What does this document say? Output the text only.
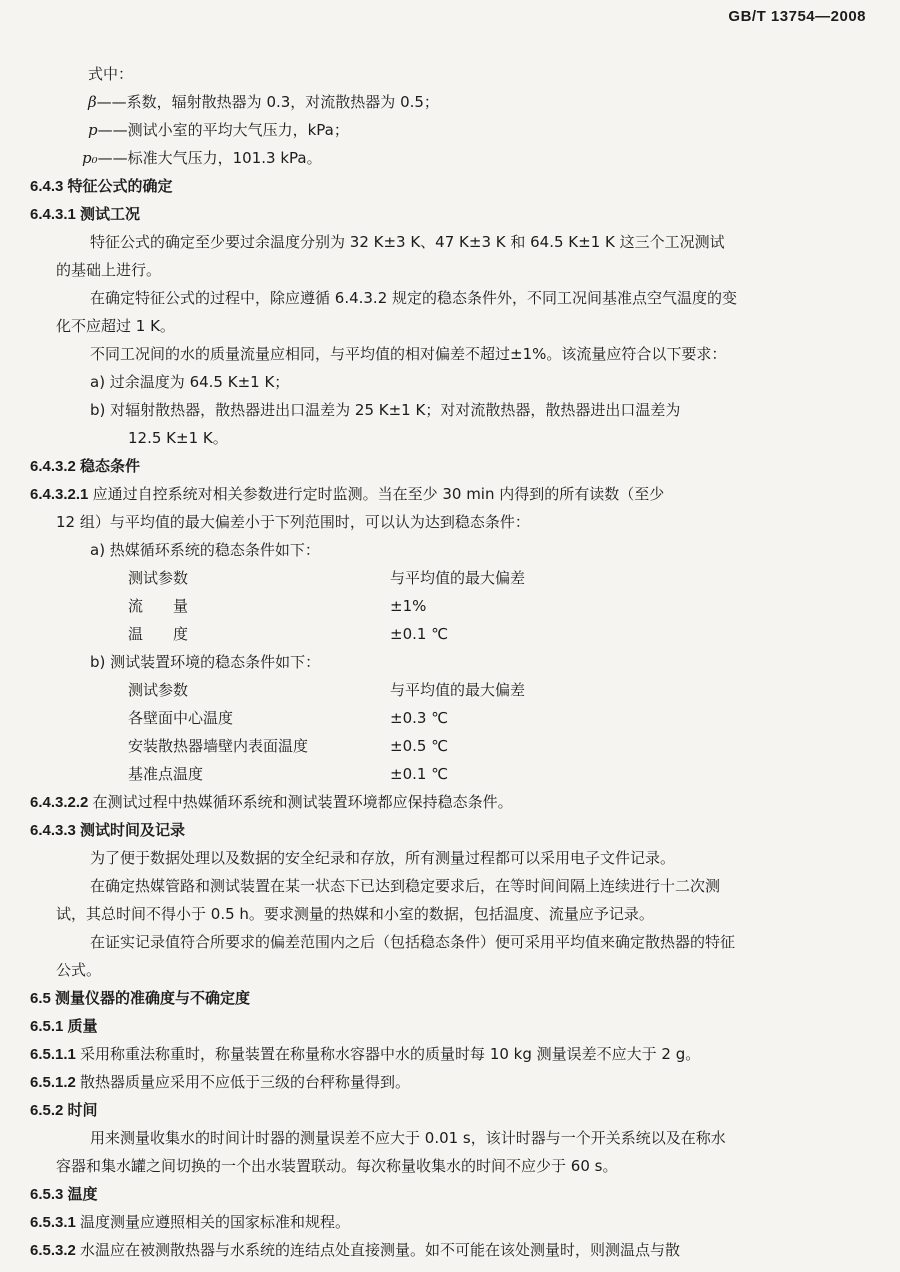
GB/T 13754—2008
式中：
β——系数，辐射散热器为 0.3，对流散热器为 0.5；
p——测试小室的平均大气压力，kPa；
p₀——标准大气压力，101.3 kPa。
6.4.3 特征公式的确定
6.4.3.1 测试工况
特征公式的确定至少要过余温度分别为 32 K±3 K、47 K±3 K 和 64.5 K±1 K 这三个工况测试
的基础上进行。
在确定特征公式的过程中，除应遵循 6.4.3.2 规定的稳态条件外，不同工况间基准点空气温度的变
化不应超过 1 K。
不同工况间的水的质量流量应相同，与平均值的相对偏差不超过±1%。该流量应符合以下要求：
a) 过余温度为 64.5 K±1 K；
b) 对辐射散热器，散热器进出口温差为 25 K±1 K；对对流散热器，散热器进出口温差为
12.5 K±1 K。
6.4.3.2 稳态条件
6.4.3.2.1 应通过自控系统对相关参数进行定时监测。当在至少 30 min 内得到的所有读数（至少
12 组）与平均值的最大偏差小于下列范围时，可以认为达到稳态条件：
a) 热媒循环系统的稳态条件如下：
6.4.3.2.2 在测试过程中热媒循环系统和测试装置环境都应保持稳态条件。
6.4.3.3 测试时间及记录
为了便于数据处理以及数据的安全纪录和存放，所有测量过程都可以采用电子文件记录。
在确定热媒管路和测试装置在某一状态下已达到稳定要求后，在等时间间隔上连续进行十二次测
试，其总时间不得小于 0.5 h。要求测量的热媒和小室的数据，包括温度、流量应予记录。
在证实记录值符合所要求的偏差范围内之后（包括稳态条件）便可采用平均值来确定散热器的特征
公式。
6.5 测量仪器的准确度与不确定度
6.5.1 质量
6.5.1.1 采用称重法称重时，称量装置在称量称水容器中水的质量时每 10 kg 测量误差不应大于 2 g。
6.5.1.2 散热器质量应采用不应低于三级的台秤称量得到。
6.5.2 时间
用来测量收集水的时间计时器的测量误差不应大于 0.01 s，该计时器与一个开关系统以及在称水
容器和集水罐之间切换的一个出水装置联动。每次称量收集水的时间不应少于 60 s。
6.5.3 温度
6.5.3.1 温度测量应遵照相关的国家标准和规程。
6.5.3.2 水温应在被测散热器与水系统的连结点处直接测量。如不可能在该处测量时，则测温点与散
测试参数	与平均值的最大偏差
流　　量	±1%
温　　度	±0.1 ℃
b) 测试装置环境的稳态条件如下：
测试参数	与平均值的最大偏差
各壁面中心温度	±0.3 ℃
安装散热器墙壁内表面温度	±0.5 ℃
基准点温度	±0.1 ℃
